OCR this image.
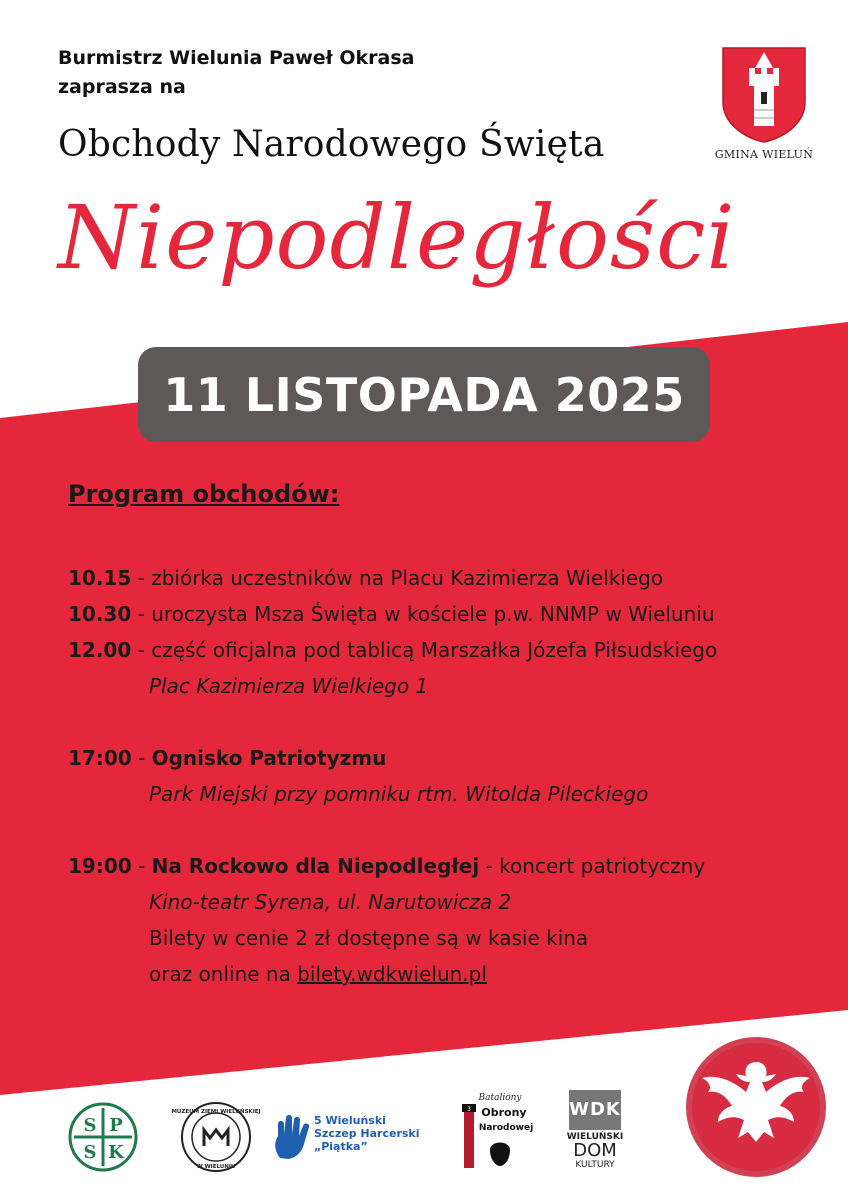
Burmistrz Wielunia Paweł Okrasa
zaprasza na
Obchody Narodowego Święta
Niepodległości
GMINA WIELUŃ
11 LISTOPADA 2025
Program obchodów:
10.15 - zbiórka uczestników na Placu Kazimierza Wielkiego
10.30 - uroczysta Msza Święta w kościele p.w. NNMP w Wieluniu
12.00 - część oficjalna pod tablicą Marszałka Józefa Piłsudskiego
Plac Kazimierza Wielkiego 1
17:00 - Ognisko Patriotyzmu
Park Miejski przy pomniku rtm. Witolda Pileckiego
19:00 - Na Rockowo dla Niepodległej - koncert patriotyczny
Kino-teatr Syrena, ul. Narutowicza 2
Bilety w cenie 2 zł dostępne są w kasie kina
oraz online na bilety.wdkwielun.pl
S P
S K
MUZEUM ZIEMI WIELUŃSKIEJ
W WIELUNIU
5 Wieluński
Szczep Harcerski
„Piątka”
3
Bataliony
Obrony
Narodowej
WDK
WIELUŃSKI
DOM
KULTURY
